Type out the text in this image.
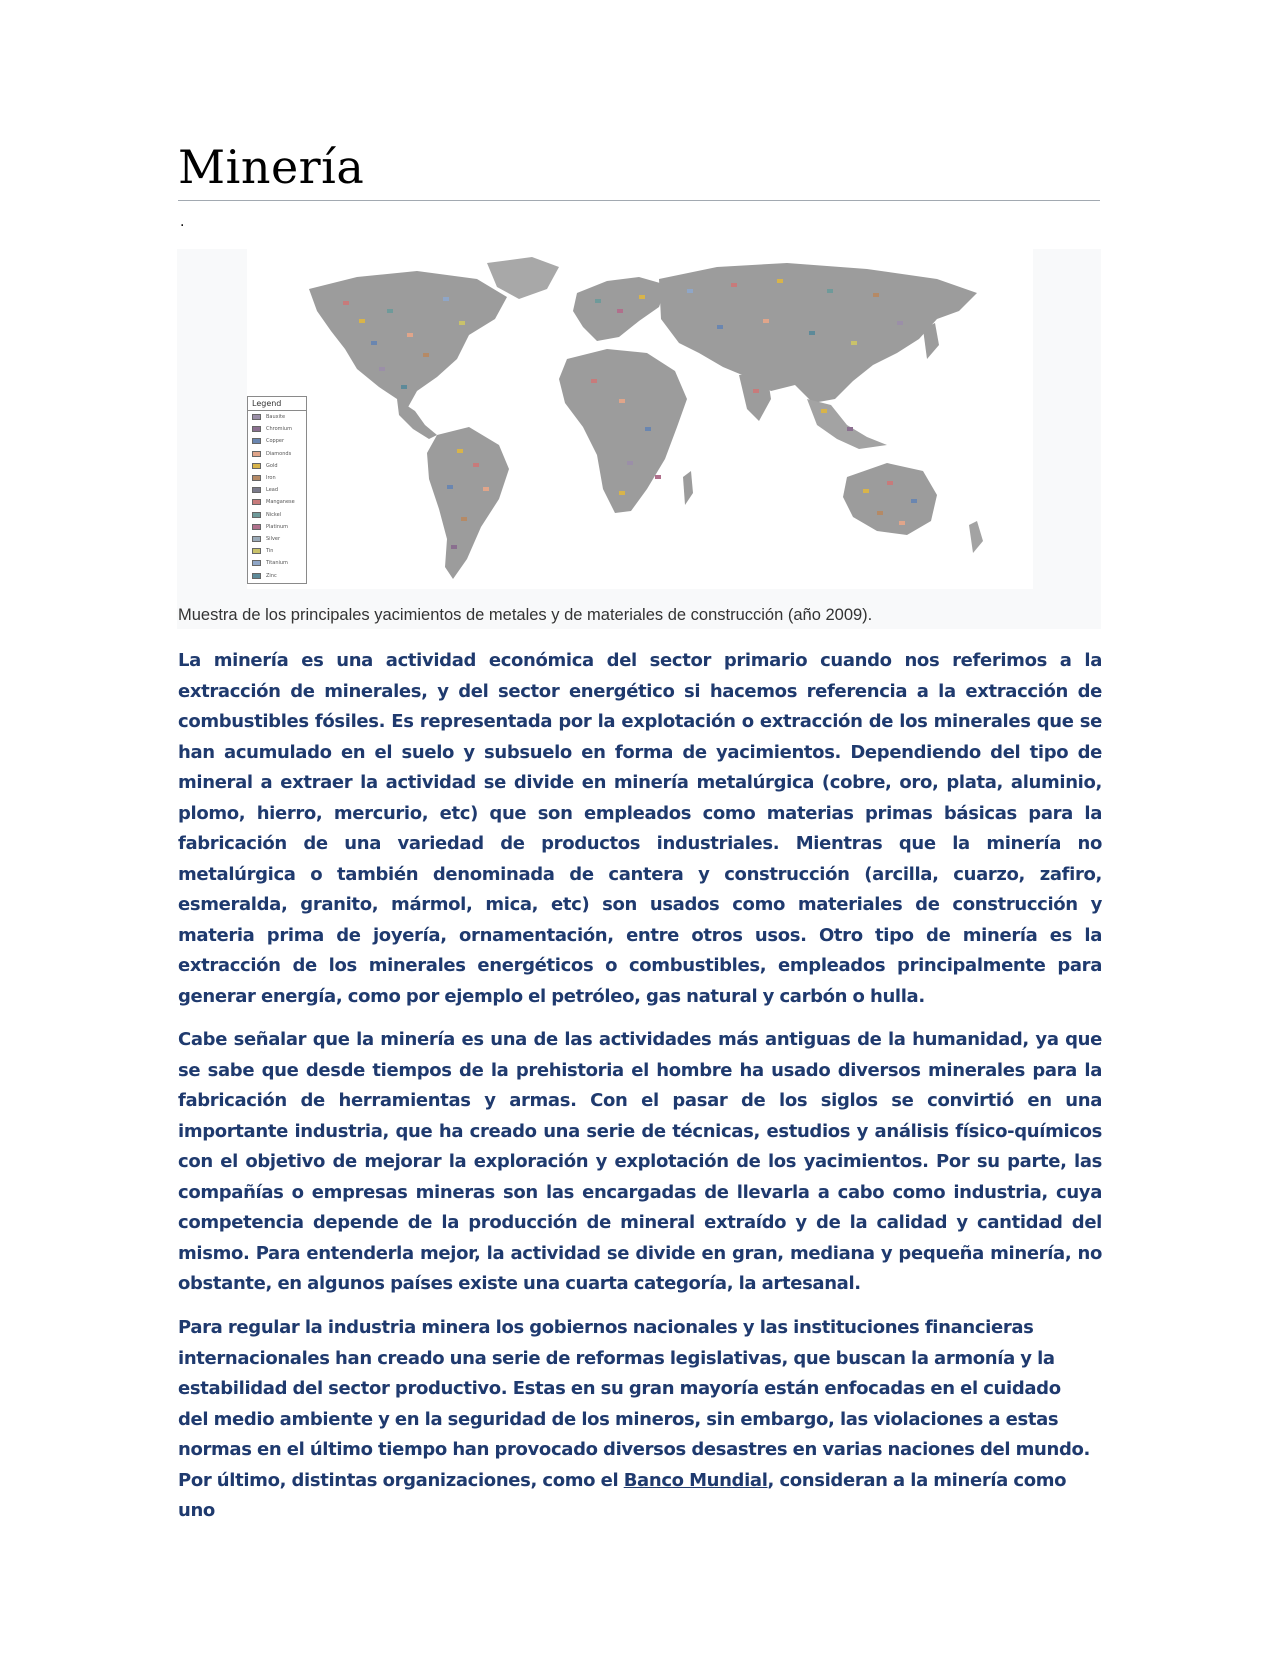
Minería
.
Legend
Bauxite
Chromium
Copper
Diamonds
Gold
Iron
Lead
Manganese
Nickel
Platinum
Silver
Tin
Titanium
Zinc
Muestra de los principales yacimientos de metales y de materiales de construcción (año 2009).

La minería es una actividad económica del sector primario cuando nos referimos a la extracción de minerales, y del sector energético si hacemos referencia a la extracción de combustibles fósiles. Es representada por la explotación o extracción de los minerales que se han acumulado en el suelo y subsuelo en forma de yacimientos. Dependiendo del tipo de mineral a extraer la actividad se divide en minería metalúrgica (cobre, oro, plata, aluminio, plomo, hierro, mercurio, etc) que son empleados como materias primas básicas para la fabricación de una variedad de productos industriales. Mientras que la minería no metalúrgica o también denominada de cantera y construcción (arcilla, cuarzo, zafiro, esmeralda, granito, mármol, mica, etc) son usados como materiales de construcción y materia prima de joyería, ornamentación, entre otros usos. Otro tipo de minería es la extracción de los minerales energéticos o combustibles, empleados principalmente para generar energía, como por ejemplo el petróleo, gas natural y carbón o hulla.

Cabe señalar que la minería es una de las actividades más antiguas de la humanidad, ya que se sabe que desde tiempos de la prehistoria el hombre ha usado diversos minerales para la fabricación de herramientas y armas. Con el pasar de los siglos se convirtió en una importante industria, que ha creado una serie de técnicas, estudios y análisis físico-químicos con el objetivo de mejorar la exploración y explotación de los yacimientos. Por su parte, las compañías o empresas mineras son las encargadas de llevarla a cabo como industria, cuya competencia depende de la producción de mineral extraído y de la calidad y cantidad del mismo. Para entenderla mejor, la actividad se divide en gran, mediana y pequeña minería, no obstante, en algunos países existe una cuarta categoría, la artesanal.

Para regular la industria minera los gobiernos nacionales y las instituciones financieras
internacionales han creado una serie de reformas legislativas, que buscan la armonía y la
estabilidad del sector productivo. Estas en su gran mayoría están enfocadas en el cuidado
del medio ambiente y en la seguridad de los mineros, sin embargo, las violaciones a estas
normas en el último tiempo han provocado diversos desastres en varias naciones del mundo.
Por último, distintas organizaciones, como el Banco Mundial, consideran a la minería como uno
